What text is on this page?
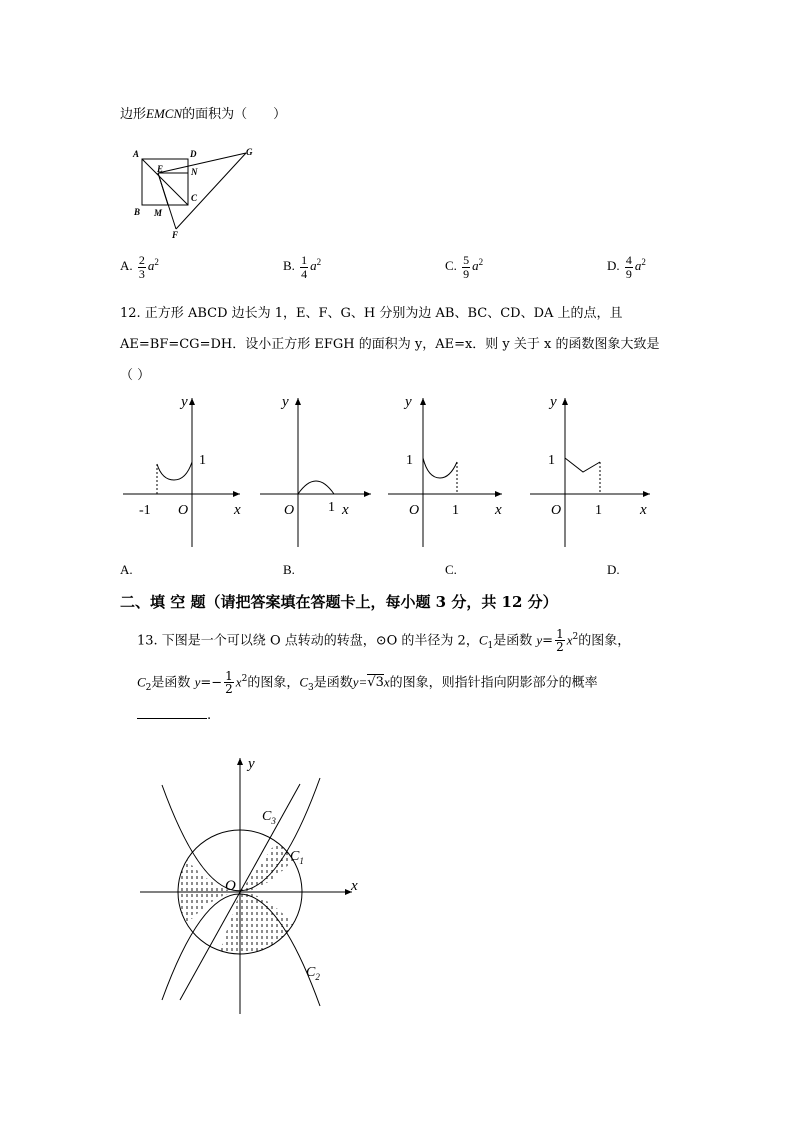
边形EMCN的面积为（　　）
A	D	G
E	N
C
B M
F
A. $\frac{2}{3} a^2$	B. $\frac{1}{4} a^2$	C. $\frac{5}{9} a^2$	D. $\frac{4}{9} a^2$
12. 正方形 ABCD 边长为 1，E、F、G、H 分别为边 AB、BC、CD、DA 上的点，且
AE=BF=CG=DH．设小正方形 EFGH 的面积为 y，AE=x．则 y 关于 x 的函数图象大致是
（ ）
y
x
O
1
-1
y
x
O 1
y
x
O
1
1
y
x
O
1
1
A.	B.	C.	D.
二、填 空 题（请把答案填在答题卡上，每小题 3 分，共 12 分）
13. 下图是一个可以绕 O 点转动的转盘，⊙O 的半径为 2，$C_1$是函数 $y= \frac{1}{2} x^2$的图象，
$C_2$是函数 $y=- \frac{1}{2} x^2$的图象，$C_3$是函数y=√3x的图象，则指针指向阴影部分的概率
.
y
x
O
$C_3$
$C_1$
$C_2$
